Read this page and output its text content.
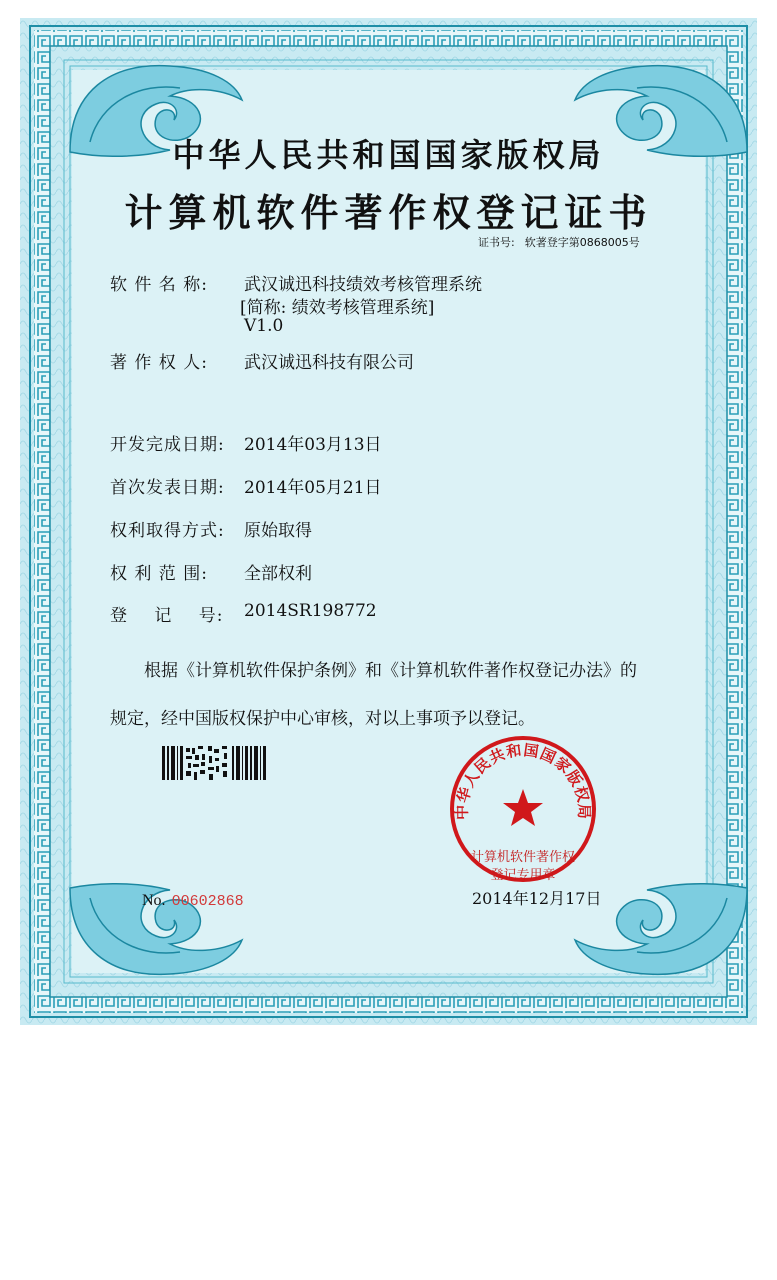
中华人民共和国国家版权局
计算机软件著作权登记证书
证书号: 软著登字第0868005号
软 件 名 称: 武汉诚迅科技绩效考核管理系统
[简称: 绩效考核管理系统]
V1.0
著 作 权 人: 武汉诚迅科技有限公司
开发完成日期: 2014年03月13日
首次发表日期: 2014年05月21日
权利取得方式: 原始取得
权 利 范 围: 全部权利
登 记 号: 2014SR198772
根据《计算机软件保护条例》和《计算机软件著作权登记办法》的
规定，经中国版权保护中心审核，对以上事项予以登记。
中华人民共和国国家版权局
计算机软件著作权
登记专用章
No. 00602868	2014年12月17日
